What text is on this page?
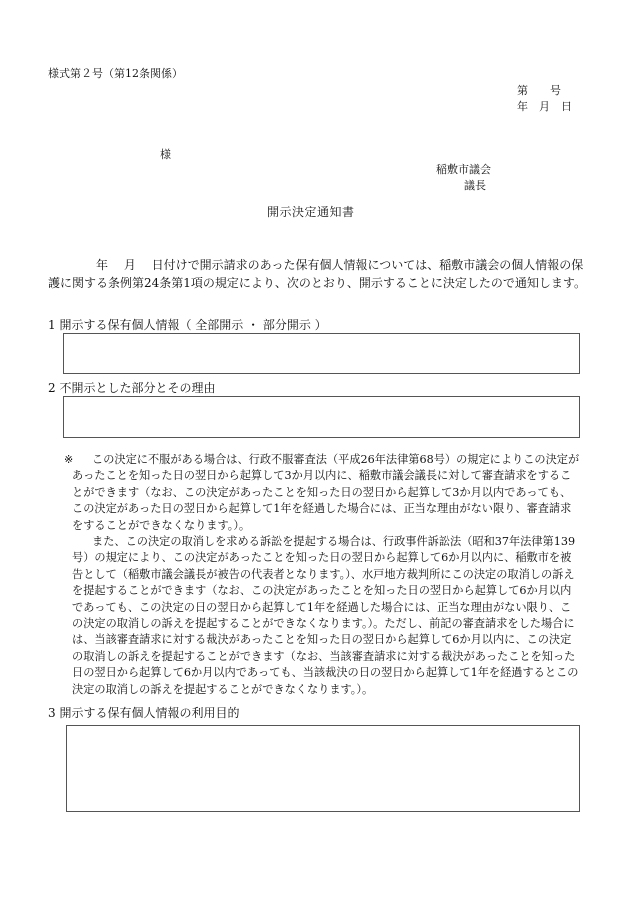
様式第２号（第12条関係）
第　　号
年　月　日
様
稲敷市議会
議長
開示決定通知書
年　 月　 日付けで開示請求のあった保有個人情報については、稲敷市議会の個人情報の保
護に関する条例第24条第1項の規定により、次のとおり、開示することに決定したので通知します。
1 開示する保有個人情報（ 全部開示 ・ 部分開示 ）
2 不開示とした部分とその理由
※	この決定に不服がある場合は、行政不服審査法（平成26年法律第68号）の規定によりこの決定があったことを知った日の翌日から起算して3か月以内に、稲敷市議会議長に対して審査請求をすることができます（なお、この決定があったことを知った日の翌日から起算して3か月以内であっても、この決定があった日の翌日から起算して1年を経過した場合には、正当な理由がない限り、審査請求をすることができなくなります。）。
また、この決定の取消しを求める訴訟を提起する場合は、行政事件訴訟法（昭和37年法律第139号）の規定により、この決定があったことを知った日の翌日から起算して6か月以内に、稲敷市を被告として（稲敷市議会議長が被告の代表者となります。）、水戸地方裁判所にこの決定の取消しの訴えを提起することができます（なお、この決定があったことを知った日の翌日から起算して6か月以内であっても、この決定の日の翌日から起算して1年を経過した場合には、正当な理由がない限り、この決定の取消しの訴えを提起することができなくなります。）。ただし、前記の審査請求をした場合には、当該審査請求に対する裁決があったことを知った日の翌日から起算して6か月以内に、この決定の取消しの訴えを提起することができます（なお、当該審査請求に対する裁決があったことを知った日の翌日から起算して6か月以内であっても、当該裁決の日の翌日から起算して1年を経過するとこの決定の取消しの訴えを提起することができなくなります。）。
3 開示する保有個人情報の利用目的
